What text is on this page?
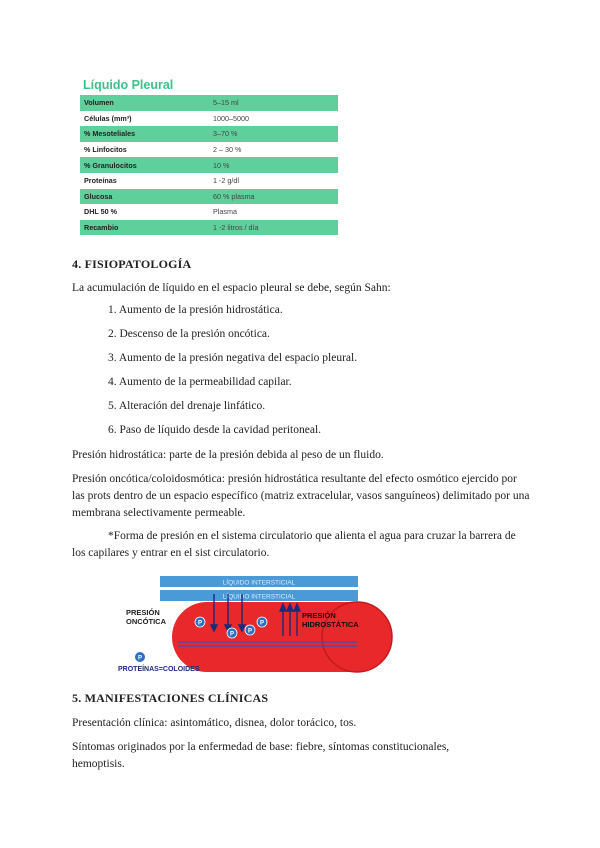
Líquido Pleural
Volumen	5–15 ml
Células (mm³)	1000–5000
% Mesoteliales	3–70 %
% Linfocitos	2 – 30 %
% Granulocitos	10 %
Proteínas	1 -2 g/dl
Glucosa	60 % plasma
DHL 50 %	Plasma
Recambio	1 -2 litros / día
4. FISIOPATOLOGÍA
La acumulación de líquido en el espacio pleural se debe, según Sahn:
1. Aumento de la presión hidrostática.
2. Descenso de la presión oncótica.
3. Aumento de la presión negativa del espacio pleural.
4. Aumento de la permeabilidad capilar.
5. Alteración del drenaje linfático.
6. Paso de líquido desde la cavidad peritoneal.
Presión hidrostática: parte de la presión debida al peso de un fluido.
Presión oncótica/coloidosmótica: presión hidrostática resultante del efecto osmótico ejercido por las prots dentro de un espacio específico (matriz extracelular, vasos sanguíneos) delimitado por una membrana selectivamente permeable.
*Forma de presión en el sistema circulatorio que alienta el agua para cruzar la barrera de los capilares y entrar en el sist circulatorio.
LÍQUIDO INTERSTICIAL
LÍQUIDO INTERSTICIAL
P
P P
P
PRESIÓN
ONCÓTICA
PRESIÓN
HIDROSTÁTICA
P
PROTEÍNAS=COLOIDES
5. MANIFESTACIONES CLÍNICAS
Presentación clínica: asintomático, disnea, dolor torácico, tos.
Síntomas originados por la enfermedad de base: fiebre, síntomas constitucionales, hemoptisis.
